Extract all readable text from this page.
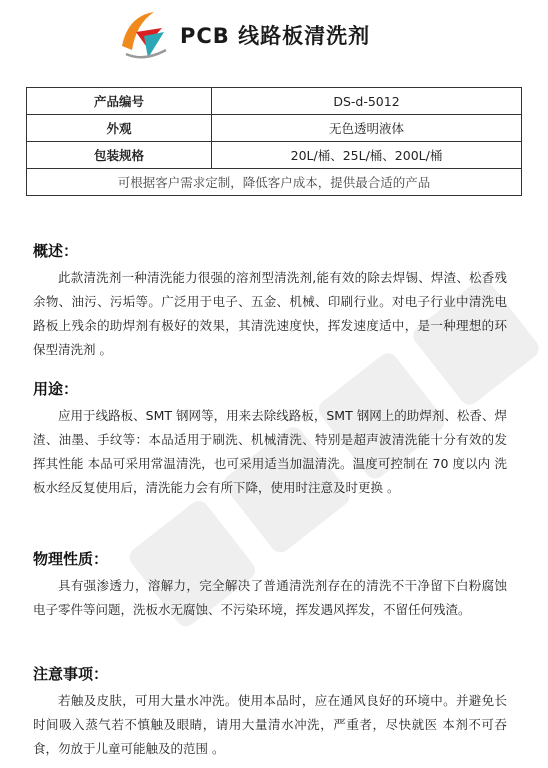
PCB 线路板清洗剂
产品编号	DS-d-5012
外观	无色透明液体
包装规格	20L/桶、25L/桶、200L/桶
可根据客户需求定制，降低客户成本，提供最合适的产品	
概述：
此款清洗剂一种清洗能力很强的溶剂型清洗剂,能有效的除去焊锡、焊渣、松香残余物、油污、污垢等。广泛用于电子、五金、机械、印刷行业。对电子行业中清洗电路板上残余的助焊剂有极好的效果，其清洗速度快，挥发速度适中，是一种理想的环保型清洗剂 。
用途：
应用于线路板、SMT 钢网等，用来去除线路板，SMT 钢网上的助焊剂、松香、焊渣、油墨、手纹等：本品适用于刷洗、机械清洗、特别是超声波清洗能十分有效的发挥其性能 本品可采用常温清洗，也可采用适当加温清洗。温度可控制在 70 度以内 洗板水经反复使用后，清洗能力会有所下降，使用时注意及时更换 。
物理性质：
具有强渗透力，溶解力，完全解决了普通清洗剂存在的清洗不干净留下白粉腐蚀电子零件等问题，洗板水无腐蚀、不污染环境，挥发遇风挥发，不留任何残渣。
注意事项：
若触及皮肤，可用大量水冲洗。使用本品时，应在通风良好的环境中。并避免长时间吸入蒸气若不慎触及眼睛，请用大量清水冲洗，严重者，尽快就医 本剂不可吞食，勿放于儿童可能触及的范围 。
